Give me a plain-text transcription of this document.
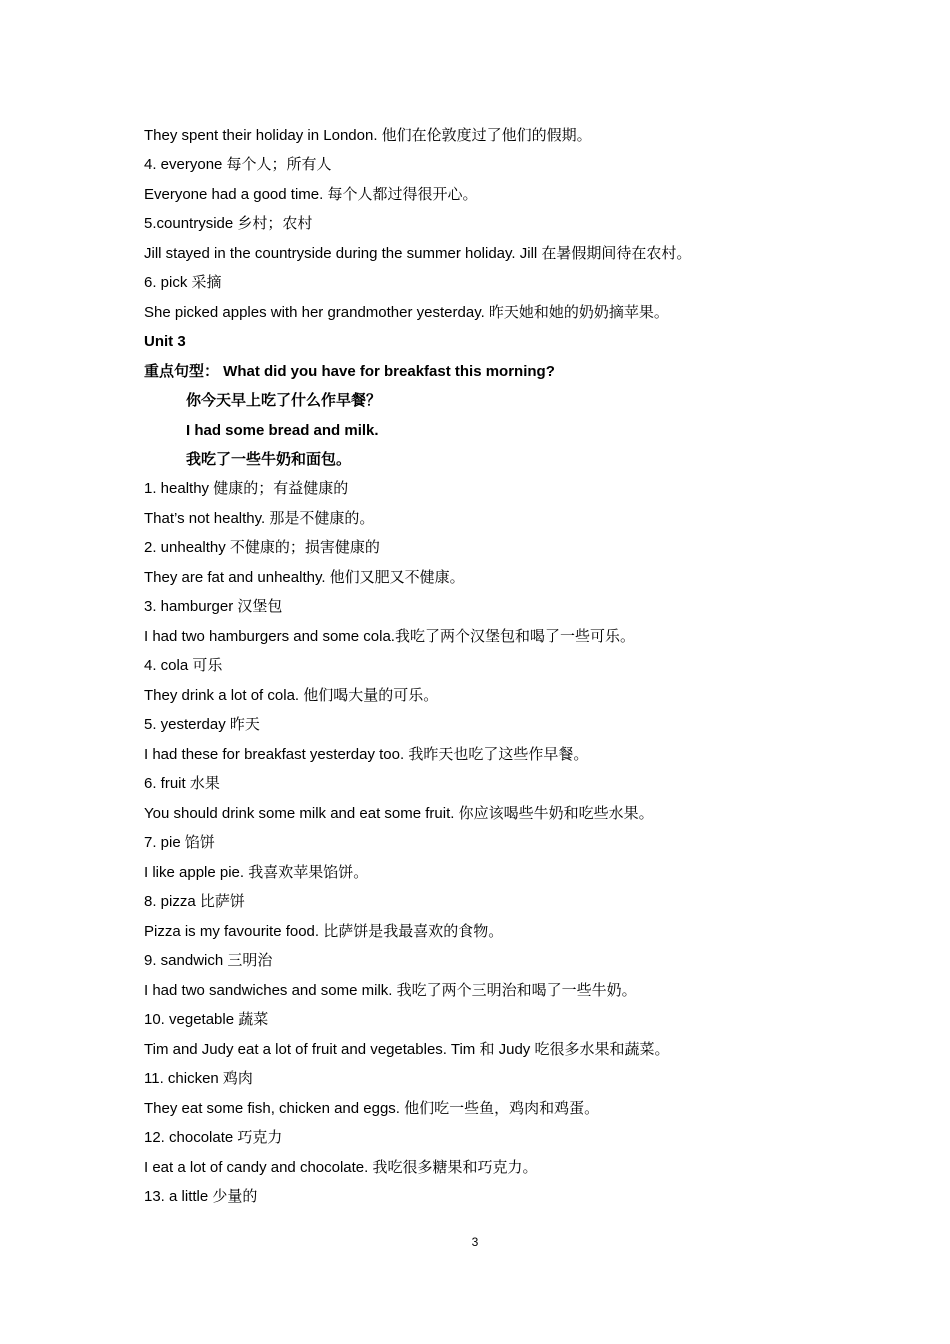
They spent their holiday in London. 他们在伦敦度过了他们的假期。
4. everyone 每个人；所有人
Everyone had a good time. 每个人都过得很开心。
5.countryside 乡村；农村
Jill stayed in the countryside during the summer holiday. Jill 在暑假期间待在农村。
6. pick 采摘
She picked apples with her grandmother yesterday. 昨天她和她的奶奶摘苹果。
Unit 3
重点句型： What did you have for breakfast this morning?
你今天早上吃了什么作早餐？
I had some bread and milk.
我吃了一些牛奶和面包。
1. healthy 健康的；有益健康的
That’s not healthy. 那是不健康的。
2. unhealthy 不健康的；损害健康的
They are fat and unhealthy. 他们又肥又不健康。
3. hamburger 汉堡包
I had two hamburgers and some cola.我吃了两个汉堡包和喝了一些可乐。
4. cola 可乐
They drink a lot of cola. 他们喝大量的可乐。
5. yesterday 昨天
I had these for breakfast yesterday too. 我昨天也吃了这些作早餐。
6. fruit 水果
You should drink some milk and eat some fruit. 你应该喝些牛奶和吃些水果。
7. pie 馅饼
I like apple pie. 我喜欢苹果馅饼。
8. pizza 比萨饼
Pizza is my favourite food. 比萨饼是我最喜欢的食物。
9. sandwich 三明治
I had two sandwiches and some milk. 我吃了两个三明治和喝了一些牛奶。
10. vegetable 蔬菜
Tim and Judy eat a lot of fruit and vegetables. Tim 和 Judy 吃很多水果和蔬菜。
11. chicken 鸡肉
They eat some fish, chicken and eggs. 他们吃一些鱼，鸡肉和鸡蛋。
12. chocolate 巧克力
I eat a lot of candy and chocolate. 我吃很多糖果和巧克力。
13. a little 少量的
3
